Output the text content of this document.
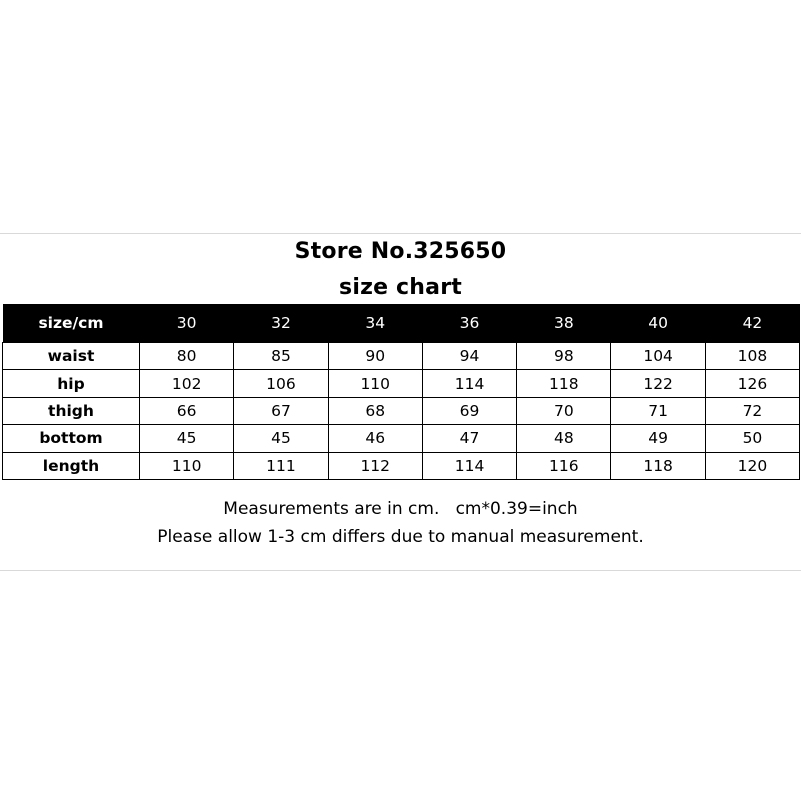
Store No.325650
size chart
size/cm	30	32	34	36	38	40	42
waist	80	85	90	94	98	104	108
hip	102	106	110	114	118	122	126
thigh	66	67	68	69	70	71	72
bottom	45	45	46	47	48	49	50
length	110	111	112	114	116	118	120
Measurements are in cm.   cm*0.39=inch
Please allow 1-3 cm differs due to manual measurement.
